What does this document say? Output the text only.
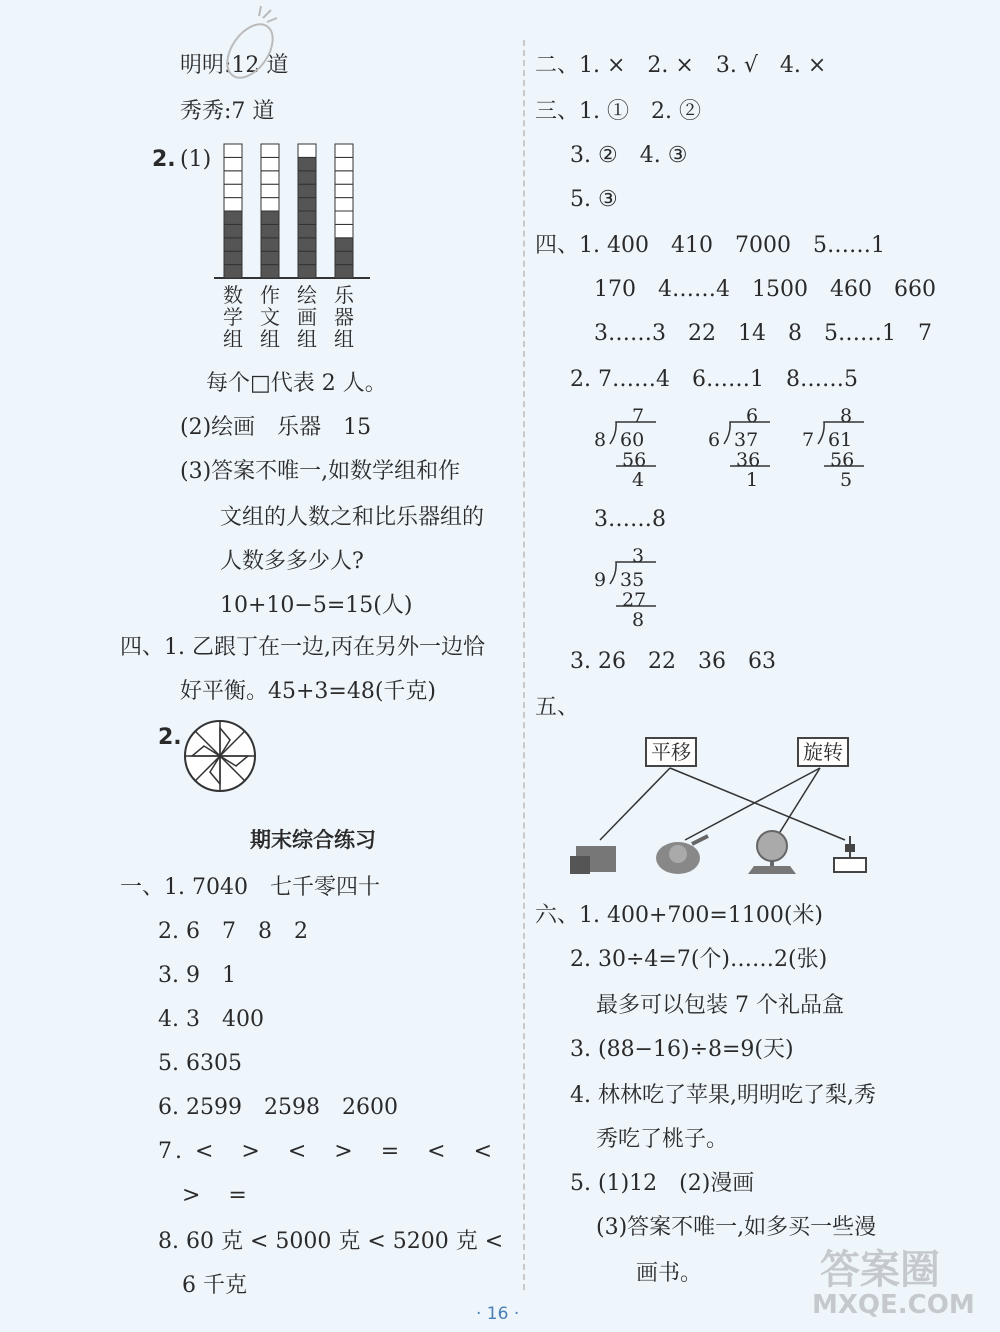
明明:12 道
秀秀:7 道
2. (1)
数
学
组
作
文
组
绘
画
组
乐
器
组
每个□代表 2 人。
(2)绘画　乐器　15
(3)答案不唯一,如数学组和作
文组的人数之和比乐器组的
人数多多少人?
10+10−5=15(人)
四、1. 乙跟丁在一边,丙在另外一边恰
好平衡。45+3=48(千克)
2.
期末综合练习
一、1. 7040　七千零四十
2. 6　7　8　2
3. 9　1
4. 3　400
5. 6305
6. 2599　2598　2600
7. <　>　<　>　=　<　<
>　=
8. 60 克 < 5000 克 < 5200 克 <
6 千克
二、1. ×　2. ×　3. √　4. ×
三、1. ①　2. ②
3. ②　4. ③
5. ③
四、1. 400　410　7000　5……1
170　4……4　1500　460　660
3……3　22　14　8　5……1　7
2. 7……4　6……1　8……5
7
8 60
56
4
6
6 37
36
1
8
7 61
56
5
3……8
3
9 35
27
8
3. 26　22　36　63
五、
平移	旋转
六、1. 400+700=1100(米)
2. 30÷4=7(个)……2(张)
最多可以包装 7 个礼品盒
3. (88−16)÷8=9(天)
4. 林林吃了苹果,明明吃了梨,秀
秀吃了桃子。
5. (1)12　(2)漫画
(3)答案不唯一,如多买一些漫
画书。
· 16 ·
答案圈
MXQE.COM
